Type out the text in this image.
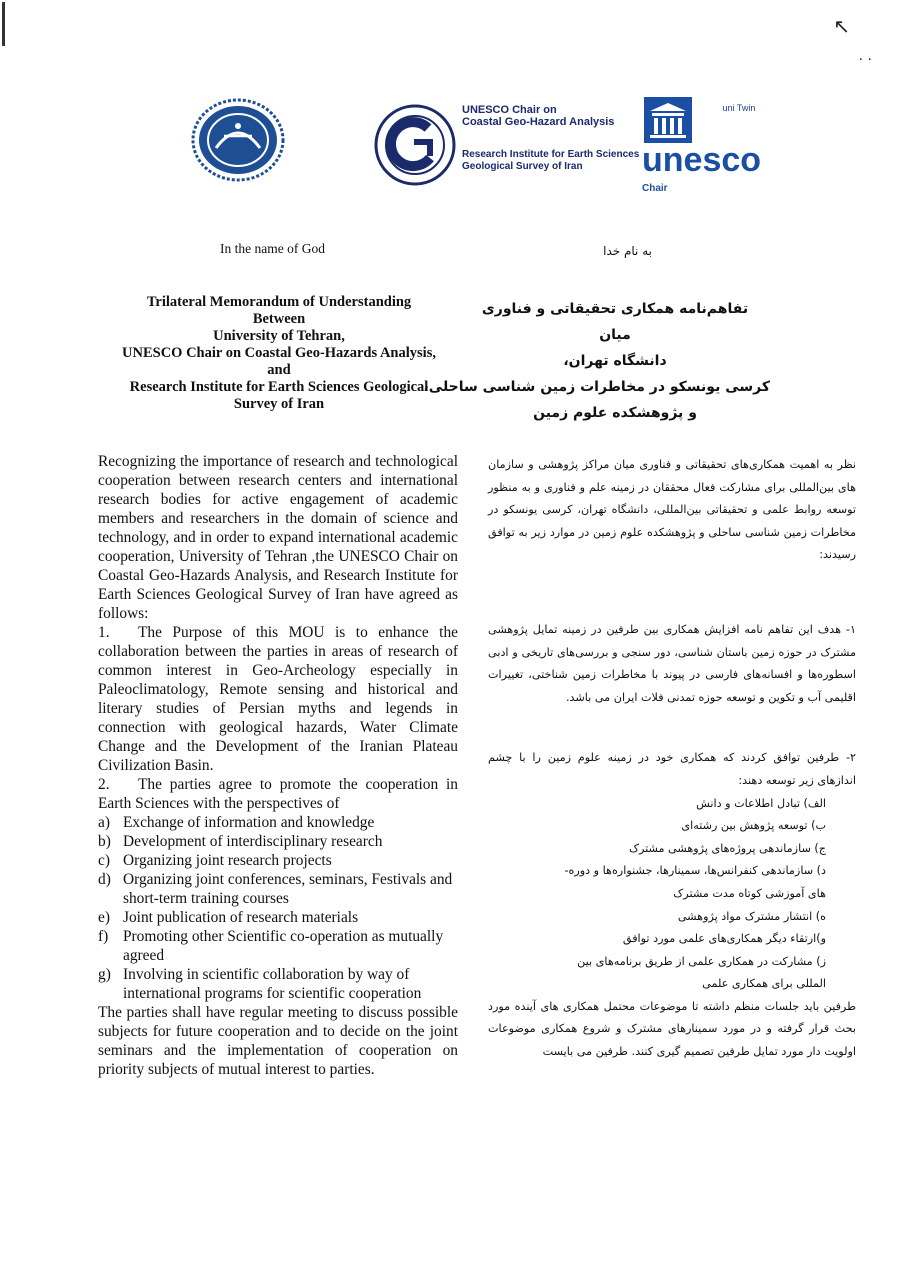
↖
· ·
UNESCO Chair on
Coastal Geo-Hazard Analysis
Research Institute for Earth Sciences
Geological Survey of Iran
uni Twin
unesco
Chair
In the name of God	به نام خدا
Trilateral Memorandum of Understanding
Between
University of Tehran,
UNESCO Chair on Coastal Geo-Hazards Analysis,
and
Research Institute for Earth Sciences Geological
Survey of Iran
تفاهم‌نامه همکاری تحقیقاتی و فناوری
میان
دانشگاه تهران،
کرسی یونسکو در مخاطرات زمین شناسی ساحلی،
و پژوهشکده علوم زمین

Recognizing the importance of research and technological cooperation between research centers and international research bodies for active engagement of academic members and researchers in the domain of science and technology, and in order to expand international academic cooperation, University of Tehran ,the UNESCO Chair on Coastal Geo-Hazards Analysis, and Research Institute for Earth Sciences Geological Survey of Iran have agreed as follows:

1. The Purpose of this MOU is to enhance the collaboration between the parties in areas of research of common interest in Geo-Archeology especially in Paleoclimatology, Remote sensing and historical and literary studies of Persian myths and legends in connection with geological hazards, Water Climate Change and the Development of the Iranian Plateau Civilization Basin.

2. The parties agree to promote the cooperation in Earth Sciences with the perspectives of

a) Exchange of information and knowledge
b) Development of interdisciplinary research
c) Organizing joint research projects
d) Organizing joint conferences, seminars, Festivals and short-term training courses
e) Joint publication of research materials
f) Promoting other Scientific co-operation as mutually agreed
g) Involving in scientific collaboration by way of international programs for scientific cooperation

The parties shall have regular meeting to discuss possible subjects for future cooperation and to decide on the joint seminars and the implementation of cooperation on priority subjects of mutual interest to parties.

نظر به اهمیت همکاری‌های تحقیقاتی و فناوری میان مراکز پژوهشی و سازمان های بین‌المللی برای مشارکت فعال محققان در زمینه علم و فناوری و به منظور توسعه روابط علمی و تحقیقاتی بین‌المللی، دانشگاه تهران، کرسی یونسکو در مخاطرات زمین شناسی ساحلی و پژوهشکده علوم زمین در موارد زیر به توافق رسیدند:

۱- هدف این تفاهم نامه افزایش همکاری بین طرفین در زمینه تمایل پژوهشی مشترک در حوزه زمین باستان شناسی، دور سنجی و بررسی‌های تاریخی و ادبی اسطوره‌ها و افسانه‌های فارسی در پیوند با مخاطرات زمین شناختی، تغییرات اقلیمی آب و تکوین و توسعه حوزه تمدنی فلات ایران می باشد.

۲- طرفین توافق کردند که همکاری خود در زمینه علوم زمین را با چشم اندازهای زیر توسعه دهند:

الف) تبادل اطلاعات و دانش
ب) توسعه پژوهش بین رشته‌ای
ج) سازماندهی پروژه‌های پژوهشی مشترک
د) سازماندهی کنفرانس‌ها، سمینارها، جشنواره‌ها و دوره-
های آموزشی کوتاه مدت مشترک
ه) انتشار مشترک مواد پژوهشی
و)ارتقاء دیگر همکاری‌های علمی مورد توافق
ز) مشارکت در همکاری علمی از طریق برنامه‌های بین
المللی برای همکاری علمی

طرفین باید جلسات منظم داشته تا موضوعات محتمل همکاری های آینده مورد بحث قرار گرفته و در مورد سمینارهای مشترک و شروع همکاری موضوعات اولویت دار مورد تمایل طرفین تصمیم گیری کنند. طرفین می بایست
